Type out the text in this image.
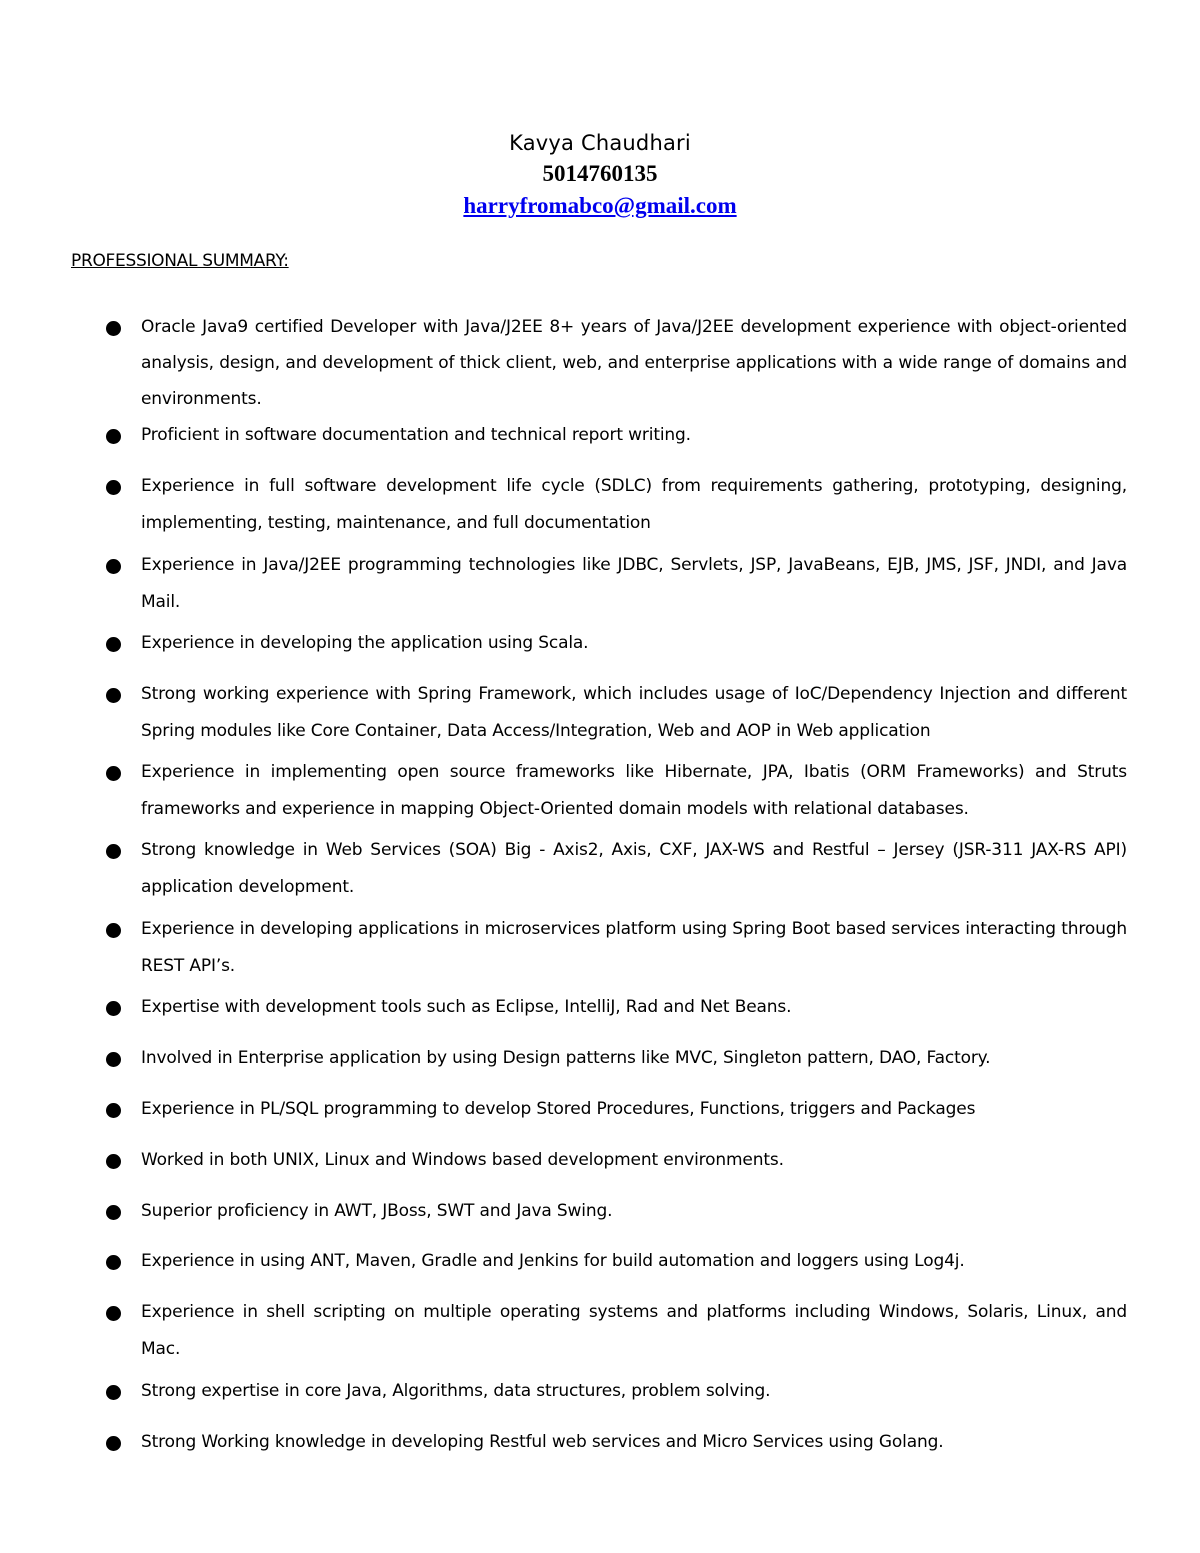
Kavya Chaudhari
5014760135
harryfromabco@gmail.com
PROFESSIONAL SUMMARY:
Oracle Java9 certified Developer with Java/J2EE 8+ years of Java/J2EE development experience with object-oriented analysis, design, and development of thick client, web, and enterprise applications with a wide range of domains and environments.
Proficient in software documentation and technical report writing.
Experience in full software development life cycle (SDLC) from requirements gathering, prototyping, designing, implementing, testing, maintenance, and full documentation
Experience in Java/J2EE programming technologies like JDBC, Servlets, JSP, JavaBeans, EJB, JMS, JSF, JNDI, and Java Mail.
Experience in developing the application using Scala.
Strong working experience with Spring Framework, which includes usage of IoC/Dependency Injection and different Spring modules like Core Container, Data Access/Integration, Web and AOP in Web application
Experience in implementing open source frameworks like Hibernate, JPA, Ibatis (ORM Frameworks) and Struts frameworks and experience in mapping Object-Oriented domain models with relational databases.
Strong knowledge in Web Services (SOA) Big - Axis2, Axis, CXF, JAX-WS and Restful – Jersey (JSR-311 JAX-RS API) application development.
Experience in developing applications in microservices platform using Spring Boot based services interacting through REST API’s.
Expertise with development tools such as Eclipse, IntelliJ, Rad and Net Beans.
Involved in Enterprise application by using Design patterns like MVC, Singleton pattern, DAO, Factory.
Experience in PL/SQL programming to develop Stored Procedures, Functions, triggers and Packages
Worked in both UNIX, Linux and Windows based development environments.
Superior proficiency in AWT, JBoss, SWT and Java Swing.
Experience in using ANT, Maven, Gradle and Jenkins for build automation and loggers using Log4j.
Experience in shell scripting on multiple operating systems and platforms including Windows, Solaris, Linux, and Mac.
Strong expertise in core Java, Algorithms, data structures, problem solving.
Strong Working knowledge in developing Restful web services and Micro Services using Golang.
